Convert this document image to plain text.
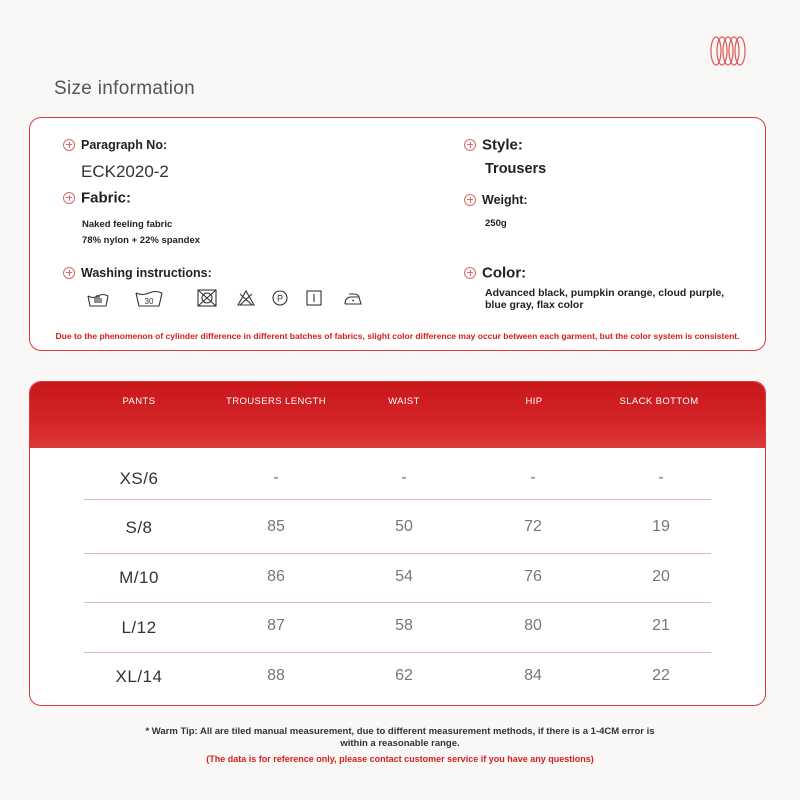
Size information
Paragraph No:
ECK2020-2
Fabric:
Naked feeling fabric
78% nylon + 22% spandex
Washing instructions:
30	P
Style:
Trousers
Weight:
250g
Color:
Advanced black, pumpkin orange, cloud purple,
blue gray, flax color
Due to the phenomenon of cylinder difference in different batches of fabrics, slight color difference may occur between each garment, but the color system is consistent.
PANTS	TROUSERS LENGTH	WAIST	HIP	SLACK BOTTOM
XS/6	-	-	-	-
S/8	85	50	72	19
M/10	86	54	76	20
L/12	87	58	80	21
XL/14	88	62	84	22
* Warm Tip: All are tiled manual measurement, due to different measurement methods, if there is a 1-4CM error is
within a reasonable range.
(The data is for reference only, please contact customer service if you have any questions)
